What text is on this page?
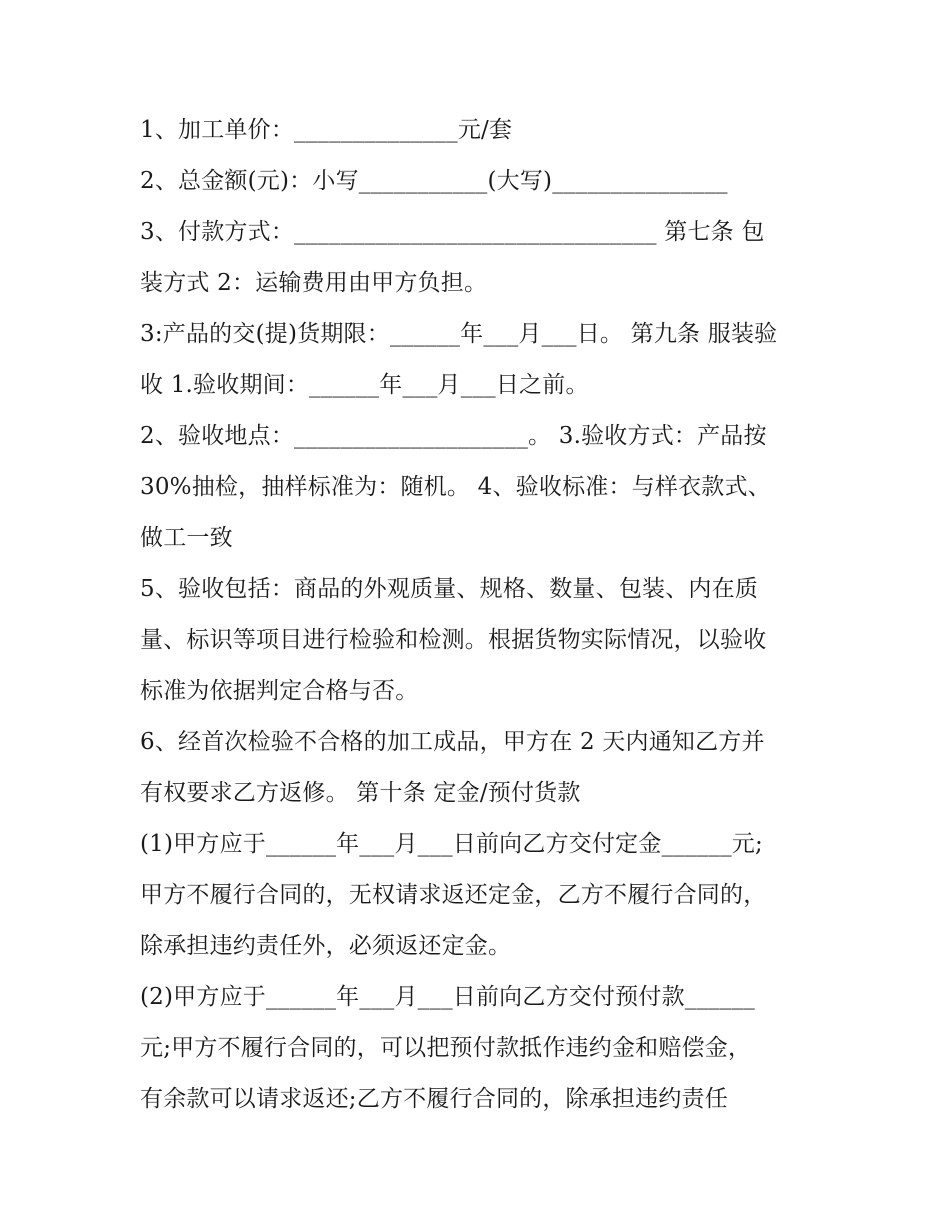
1、加工单价：______________元/套
2、总金额(元)：小写___________(大写)_______________
3、付款方式：_______________________________ 第七条 包
装方式 2：运输费用由甲方负担。
3:产品的交(提)货期限：______年___月___日。 第九条 服装验
收 1.验收期间：______年___月___日之前。
2、验收地点：____________________。 3.验收方式：产品按
30%抽检，抽样标准为：随机。 4、验收标准：与样衣款式、
做工一致
5、验收包括：商品的外观质量、规格、数量、包装、内在质
量、标识等项目进行检验和检测。根据货物实际情况，以验收
标准为依据判定合格与否。
6、经首次检验不合格的加工成品，甲方在 2 天内通知乙方并
有权要求乙方返修。 第十条 定金/预付货款
(1)甲方应于______年___月___日前向乙方交付定金______元;
甲方不履行合同的，无权请求返还定金，乙方不履行合同的，
除承担违约责任外，必须返还定金。
(2)甲方应于______年___月___日前向乙方交付预付款______
元;甲方不履行合同的，可以把预付款抵作违约金和赔偿金，
有余款可以请求返还;乙方不履行合同的，除承担违约责任
